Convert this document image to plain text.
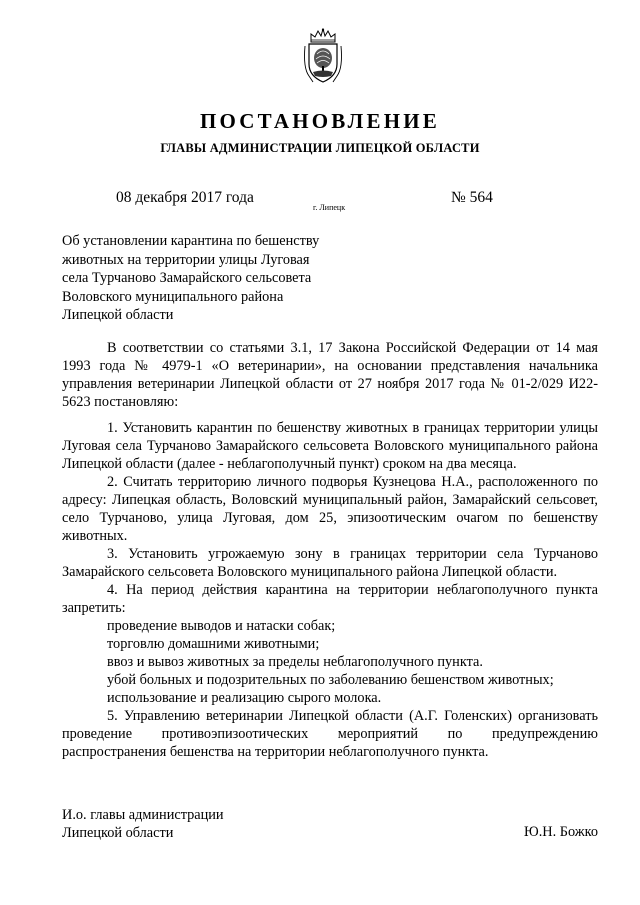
ПОСТАНОВЛЕНИЕ
ГЛАВЫ АДМИНИСТРАЦИИ ЛИПЕЦКОЙ ОБЛАСТИ
08 декабря 2017 года
г. Липецк
№ 564
Об установлении карантина по бешенству
животных на территории улицы Луговая
села Турчаново Замарайского сельсовета
Воловского муниципального района
Липецкой области

В соответствии со статьями 3.1, 17 Закона Российской Федерации от 14 мая 1993 года № 4979-1 «О ветеринарии», на основании представления начальника управления ветеринарии Липецкой области от 27 ноября 2017 года № 01-2/029 И22-5623 постановляю:

1. Установить карантин по бешенству животных в границах территории улицы Луговая села Турчаново Замарайского сельсовета Воловского муниципального района Липецкой области (далее - неблагополучный пункт) сроком на два месяца.

2. Считать территорию личного подворья Кузнецова Н.А., расположенного по адресу: Липецкая область, Воловский муниципальный район, Замарайский сельсовет, село Турчаново, улица Луговая, дом 25, эпизоотическим очагом по бешенству животных.

3. Установить угрожаемую зону в границах территории села Турчаново Замарайского сельсовета Воловского муниципального района Липецкой области.

4. На период действия карантина на территории неблагополучного пункта запретить:

проведение выводов и натаски собак;

торговлю домашними животными;

ввоз и вывоз животных за пределы неблагополучного пункта.

убой больных и подозрительных по заболеванию бешенством животных;

использование и реализацию сырого молока.

5. Управлению ветеринарии Липецкой области (А.Г. Голенских) организовать проведение противоэпизоотических мероприятий по предупреждению распространения бешенства на территории неблагополучного пункта.

И.о. главы администрации
Липецкой области	Ю.Н. Божко
